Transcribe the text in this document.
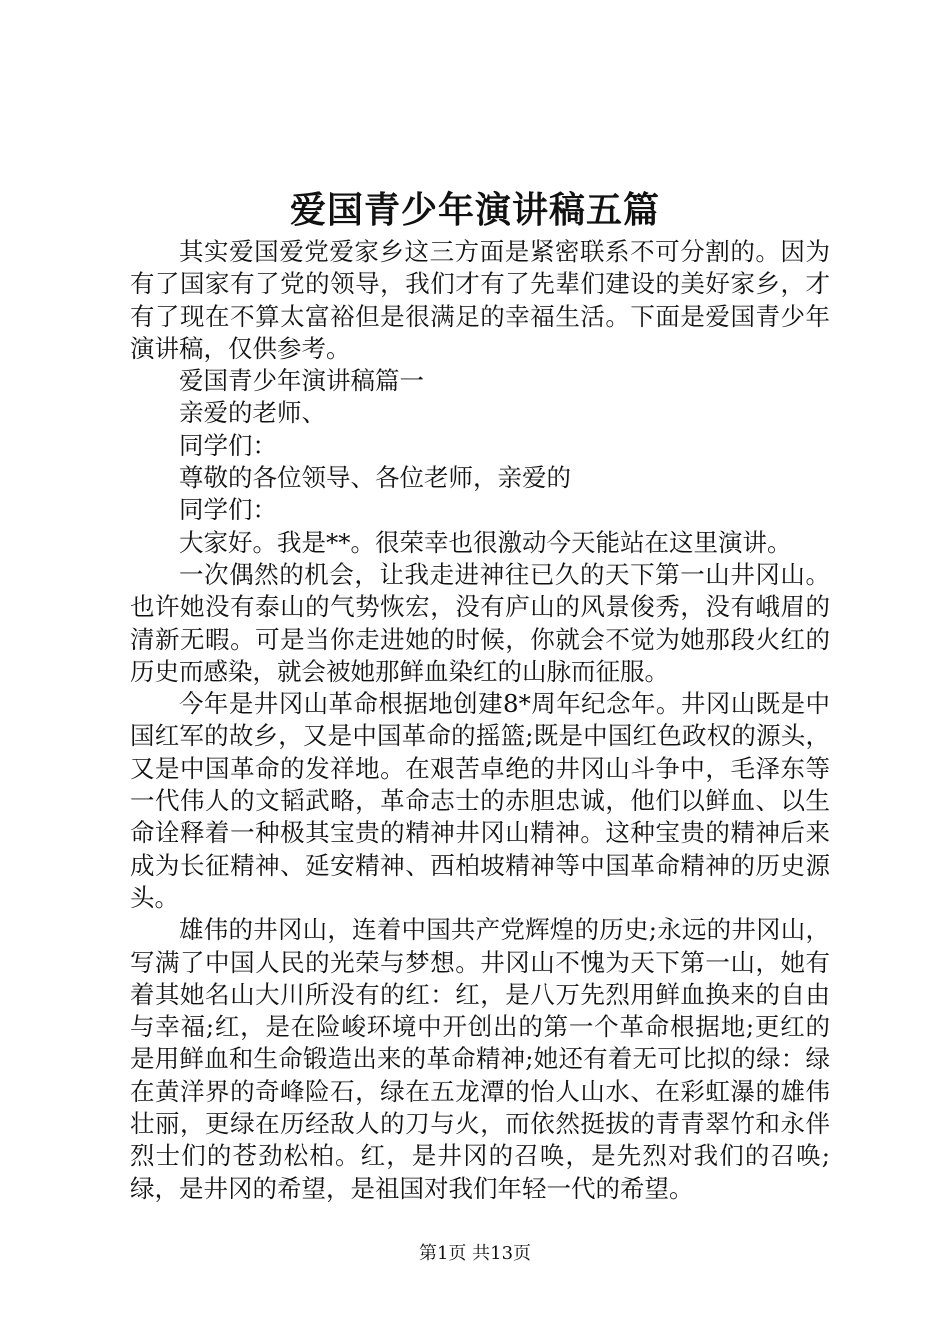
爱国青少年演讲稿五篇

其实爱国爱党爱家乡这三方面是紧密联系不可分割的。因为有了国家有了党的领导，我们才有了先辈们建设的美好家乡，才有了现在不算太富裕但是很满足的幸福生活。下面是爱国青少年演讲稿，仅供参考。

爱国青少年演讲稿篇一

亲爱的老师、

同学们：

尊敬的各位领导、各位老师，亲爱的

同学们：

大家好。我是**。很荣幸也很激动今天能站在这里演讲。

一次偶然的机会，让我走进神往已久的天下第一山井冈山。也许她没有泰山的气势恢宏，没有庐山的风景俊秀，没有峨眉的清新无暇。可是当你走进她的时候，你就会不觉为她那段火红的历史而感染，就会被她那鲜血染红的山脉而征服。

今年是井冈山革命根据地创建8*周年纪念年。井冈山既是中国红军的故乡，又是中国革命的摇篮;既是中国红色政权的源头，又是中国革命的发祥地。在艰苦卓绝的井冈山斗争中，毛泽东等一代伟人的文韬武略，革命志士的赤胆忠诚，他们以鲜血、以生命诠释着一种极其宝贵的精神井冈山精神。这种宝贵的精神后来成为长征精神、延安精神、西柏坡精神等中国革命精神的历史源头。

雄伟的井冈山，连着中国共产党辉煌的历史;永远的井冈山，写满了中国人民的光荣与梦想。井冈山不愧为天下第一山，她有着其她名山大川所没有的红：红，是八万先烈用鲜血换来的自由与幸福;红，是在险峻环境中开创出的第一个革命根据地;更红的是用鲜血和生命锻造出来的革命精神;她还有着无可比拟的绿：绿在黄洋界的奇峰险石，绿在五龙潭的怡人山水、在彩虹瀑的雄伟壮丽，更绿在历经敌人的刀与火，而依然挺拔的青青翠竹和永伴烈士们的苍劲松柏。红，是井冈的召唤，是先烈对我们的召唤;绿，是井冈的希望，是祖国对我们年轻一代的希望。

第1页 共13页
